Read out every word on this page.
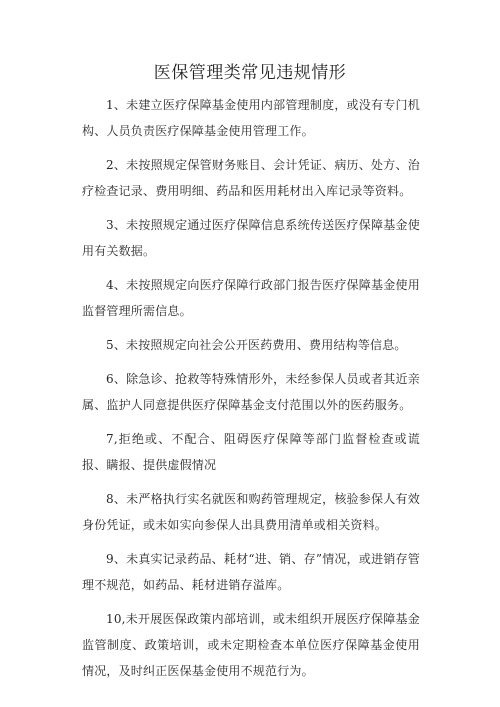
医保管理类常见违规情形

1、未建立医疗保障基金使用内部管理制度，或没有专门机构、人员负责医疗保障基金使用管理工作。

2、未按照规定保管财务账目、会计凭证、病历、处方、治疗检查记录、费用明细、药品和医用耗材出入库记录等资料。

3、未按照规定通过医疗保障信息系统传送医疗保障基金使用有关数据。

4、未按照规定向医疗保障行政部门报告医疗保障基金使用监督管理所需信息。

5、未按照规定向社会公开医药费用、费用结构等信息。

6、除急诊、抢救等特殊情形外，未经参保人员或者其近亲属、监护人同意提供医疗保障基金支付范围以外的医药服务。

7,拒绝或、不配合、阻碍医疗保障等部门监督检查或谎报、瞒报、提供虚假情况

8、未严格执行实名就医和购药管理规定，核验参保人有效身份凭证，或未如实向参保人出具费用清单或相关资料。

9、未真实记录药品、耗材“进、销、存”情况，或进销存管理不规范，如药品、耗材进销存溢库。

10,未开展医保政策内部培训，或未组织开展医疗保障基金监管制度、政策培训，或未定期检查本单位医疗保障基金使用情况，及时纠正医保基金使用不规范行为。
